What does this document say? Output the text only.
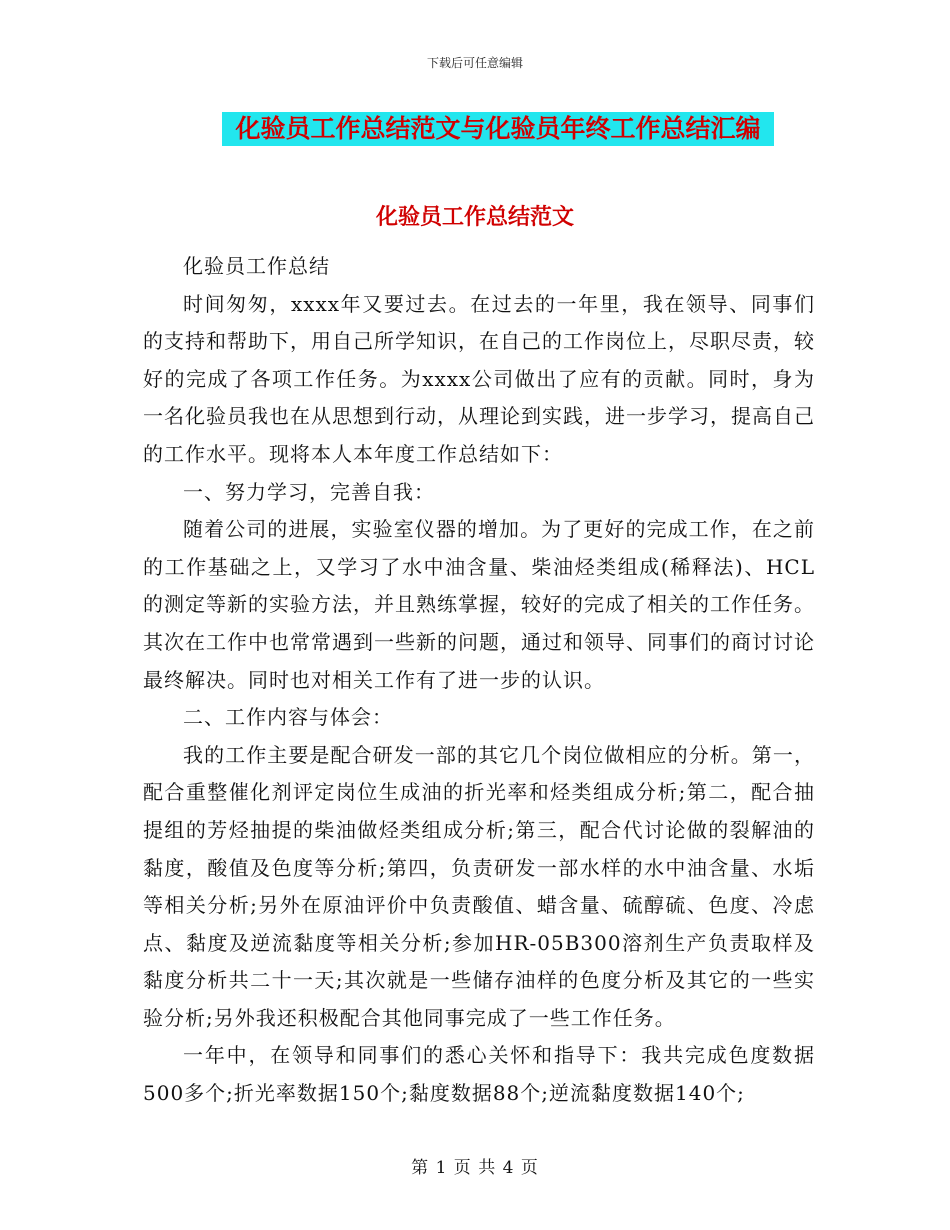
下载后可任意编辑
化验员工作总结范文与化验员年终工作总结汇编
化验员工作总结范文

化验员工作总结

时间匆匆，xxxx年又要过去。在过去的一年里，我在领导、同事们的支持和帮助下，用自己所学知识，在自己的工作岗位上，尽职尽责，较好的完成了各项工作任务。为xxxx公司做出了应有的贡献。同时，身为一名化验员我也在从思想到行动，从理论到实践，进一步学习，提高自己的工作水平。现将本人本年度工作总结如下：

一、努力学习，完善自我：

随着公司的进展，实验室仪器的增加。为了更好的完成工作，在之前的工作基础之上，又学习了水中油含量、柴油烃类组成(稀释法)、HCL的测定等新的实验方法，并且熟练掌握，较好的完成了相关的工作任务。其次在工作中也常常遇到一些新的问题，通过和领导、同事们的商讨讨论最终解决。同时也对相关工作有了进一步的认识。

二、工作内容与体会：

我的工作主要是配合研发一部的其它几个岗位做相应的分析。第一，配合重整催化剂评定岗位生成油的折光率和烃类组成分析;第二，配合抽提组的芳烃抽提的柴油做烃类组成分析;第三，配合代讨论做的裂解油的黏度，酸值及色度等分析;第四，负责研发一部水样的水中油含量、水垢等相关分析;另外在原油评价中负责酸值、蜡含量、硫醇硫、色度、冷虑点、黏度及逆流黏度等相关分析;参加HR-05B300溶剂生产负责取样及黏度分析共二十一天;其次就是一些储存油样的色度分析及其它的一些实验分析;另外我还积极配合其他同事完成了一些工作任务。

一年中，在领导和同事们的悉心关怀和指导下：我共完成色度数据500多个;折光率数据150个;黏度数据88个;逆流黏度数据140个;

第 1 页 共 4 页
